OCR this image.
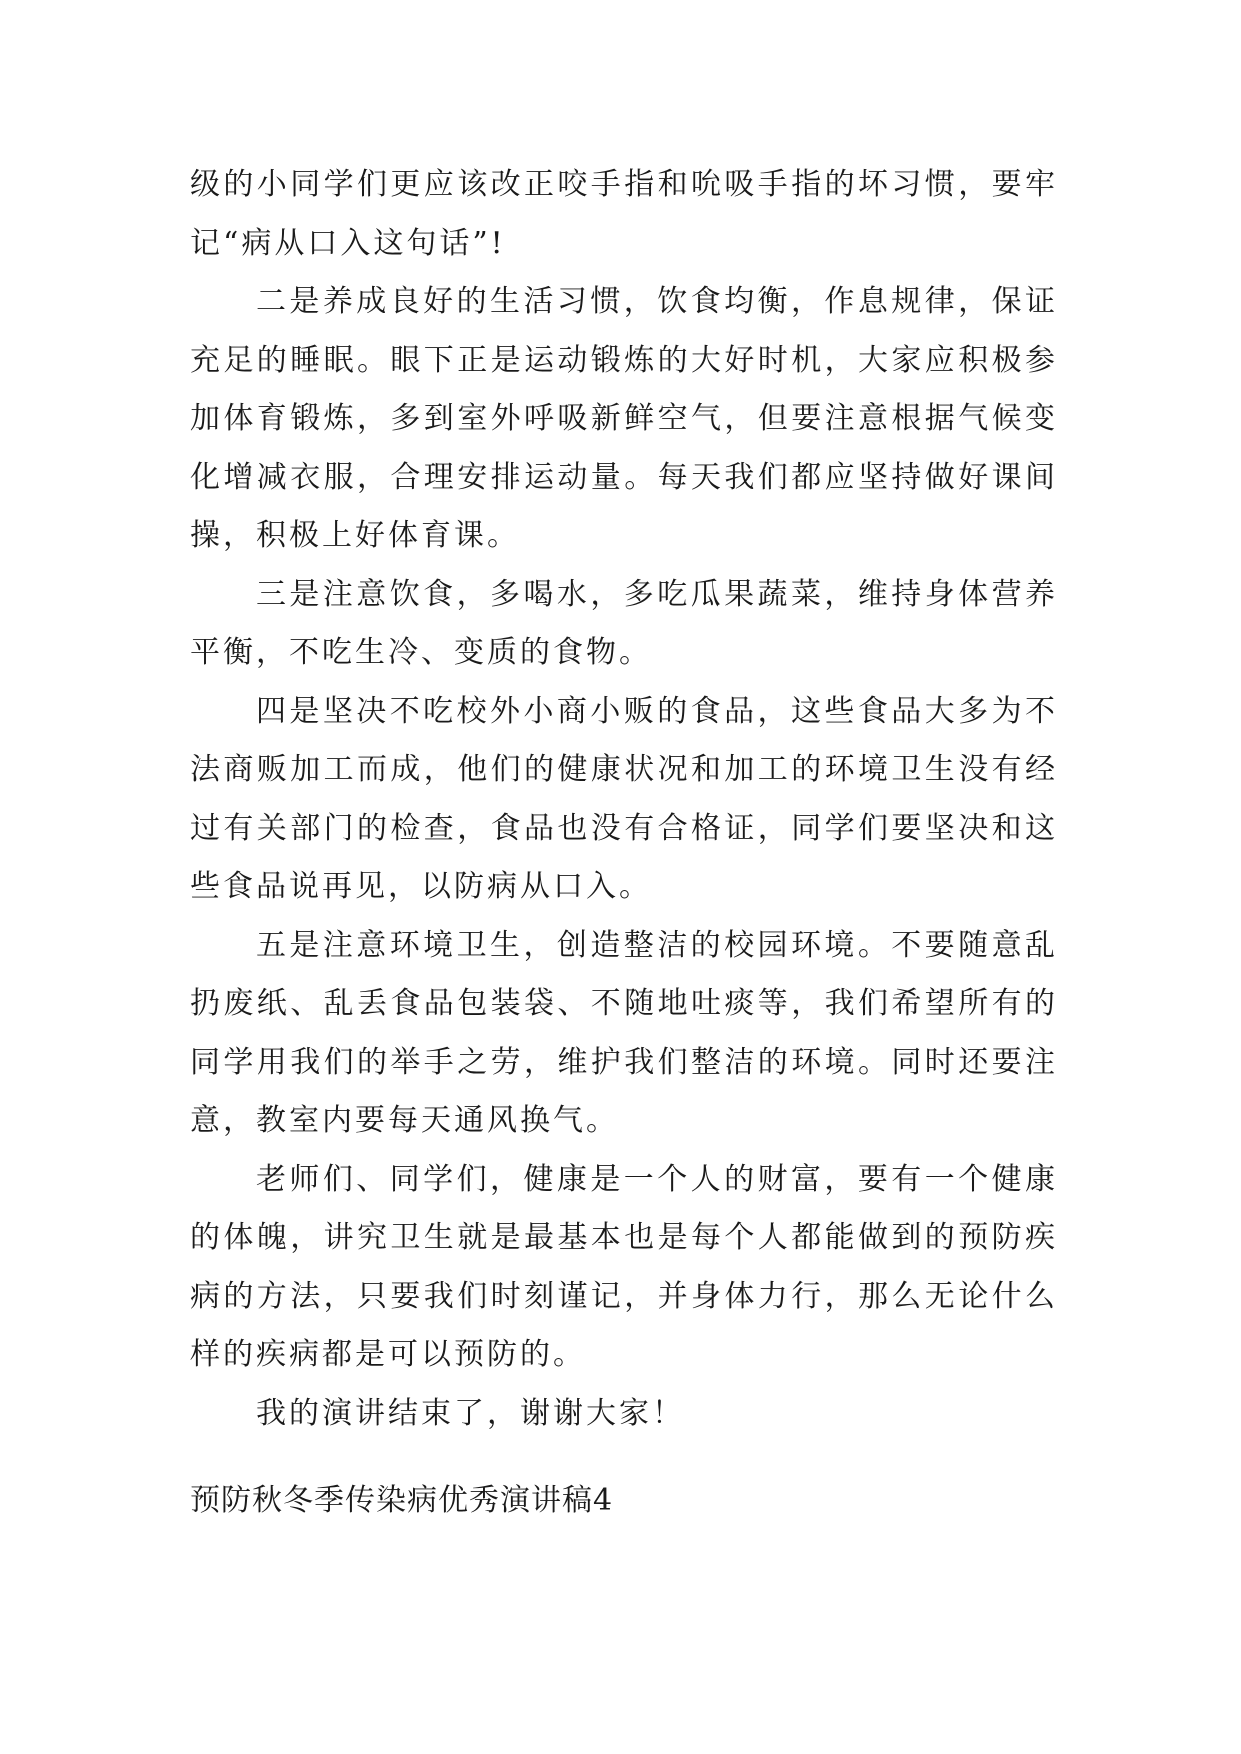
级的小同学们更应该改正咬手指和吮吸手指的坏习惯，要牢记“病从口入这句话”!

二是养成良好的生活习惯，饮食均衡，作息规律，保证充足的睡眠。眼下正是运动锻炼的大好时机，大家应积极参加体育锻炼，多到室外呼吸新鲜空气，但要注意根据气候变化增减衣服，合理安排运动量。每天我们都应坚持做好课间操，积极上好体育课。

三是注意饮食，多喝水，多吃瓜果蔬菜，维持身体营养平衡，不吃生冷、变质的食物。

四是坚决不吃校外小商小贩的食品，这些食品大多为不法商贩加工而成，他们的健康状况和加工的环境卫生没有经过有关部门的检查，食品也没有合格证，同学们要坚决和这些食品说再见，以防病从口入。

五是注意环境卫生，创造整洁的校园环境。不要随意乱扔废纸、乱丢食品包装袋、不随地吐痰等，我们希望所有的同学用我们的举手之劳，维护我们整洁的环境。同时还要注意，教室内要每天通风换气。

老师们、同学们，健康是一个人的财富，要有一个健康的体魄，讲究卫生就是最基本也是每个人都能做到的预防疾病的方法，只要我们时刻谨记，并身体力行，那么无论什么样的疾病都是可以预防的。

我的演讲结束了，谢谢大家！

预防秋冬季传染病优秀演讲稿4
